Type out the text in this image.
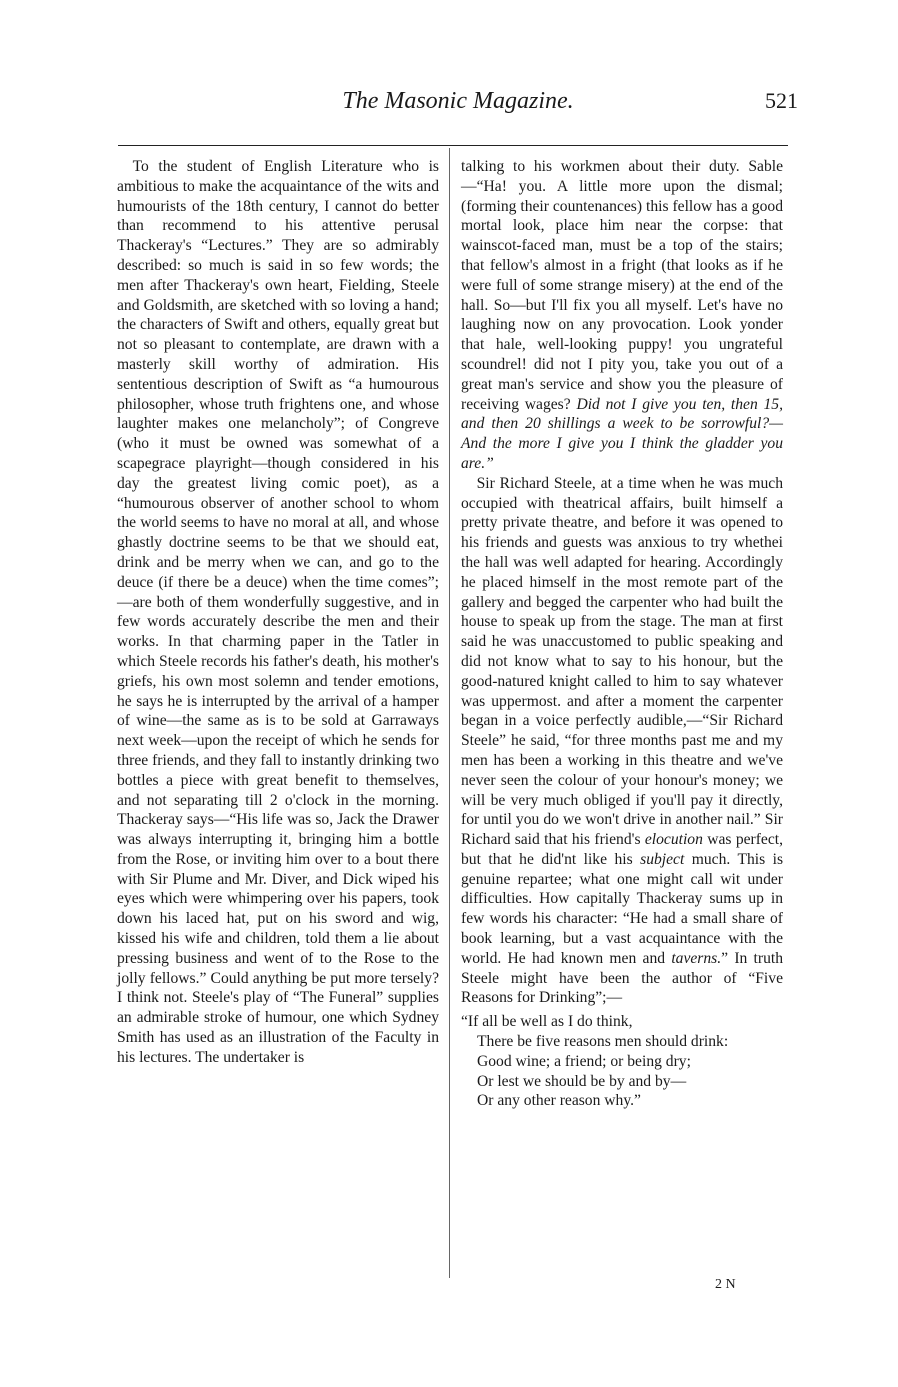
The Masonic Magazine.	521

To the student of English Literature who is ambitious to make the acquaintance of the wits and humourists of the 18th century, I cannot do better than recommend to his attentive perusal Thackeray's “Lectures.” They are so admirably described: so much is said in so few words; the men after Thackeray's own heart, Fielding, Steele and Goldsmith, are sketched with so loving a hand; the characters of Swift and others, equally great but not so pleasant to contemplate, are drawn with a masterly skill worthy of admiration. His sententious description of Swift as “a humourous philosopher, whose truth frightens one, and whose laughter makes one melancholy”; of Congreve (who it must be owned was somewhat of a scapegrace playright—though considered in his day the greatest living comic poet), as a “humourous observer of another school to whom the world seems to have no moral at all, and whose ghastly doctrine seems to be that we should eat, drink and be merry when we can, and go to the deuce (if there be a deuce) when the time comes”;—are both of them wonderfully suggestive, and in few words accurately describe the men and their works. In that charming paper in the Tatler in which Steele records his father's death, his mother's griefs, his own most solemn and tender emotions, he says he is interrupted by the arrival of a hamper of wine—the same as is to be sold at Garraways next week—upon the receipt of which he sends for three friends, and they fall to instantly drinking two bottles a piece with great benefit to themselves, and not separating till 2 o'clock in the morning. Thackeray says—“His life was so, Jack the Drawer was always interrupting it, bringing him a bottle from the Rose, or inviting him over to a bout there with Sir Plume and Mr. Diver, and Dick wiped his eyes which were whimpering over his papers, took down his laced hat, put on his sword and wig, kissed his wife and children, told them a lie about pressing business and went of to the Rose to the jolly fellows.” Could anything be put more tersely? I think not. Steele's play of “The Funeral” supplies an admirable stroke of humour, one which Sydney Smith has used as an illustration of the Faculty in his lectures. The undertaker is

talking to his workmen about their duty. Sable—“Ha! you. A little more upon the dismal; (forming their countenances) this fellow has a good mortal look, place him near the corpse: that wainscot-faced man, must be a top of the stairs; that fellow's almost in a fright (that looks as if he were full of some strange misery) at the end of the hall. So—but I'll fix you all myself. Let's have no laughing now on any provocation. Look yonder that hale, well-looking puppy! you ungrateful scoundrel! did not I pity you, take you out of a great man's service and show you the pleasure of receiving wages? Did not I give you ten, then 15, and then 20 shillings a week to be sorrowful?—And the more I give you I think the gladder you are.”

Sir Richard Steele, at a time when he was much occupied with theatrical affairs, built himself a pretty private theatre, and before it was opened to his friends and guests was anxious to try whethei the hall was well adapted for hearing. Accordingly he placed himself in the most remote part of the gallery and begged the carpenter who had built the house to speak up from the stage. The man at first said he was unaccustomed to public speaking and did not know what to say to his honour, but the good-natured knight called to him to say whatever was uppermost. and after a moment the carpenter began in a voice perfectly audible,—“Sir Richard Steele” he said, “for three months past me and my men has been a working in this theatre and we've never seen the colour of your honour's money; we will be very much obliged if you'll pay it directly, for until you do we won't drive in another nail.” Sir Richard said that his friend's elocution was perfect, but that he did'nt like his subject much. This is genuine repartee; what one might call wit under difficulties. How capitally Thackeray sums up in few words his character: “He had a small share of book learning, but a vast acquaintance with the world. He had known men and taverns.” In truth Steele might have been the author of “Five Reasons for Drinking”;—

“If all be well as I do think,
There be five reasons men should drink:
Good wine; a friend; or being dry;
Or lest we should be by and by—
Or any other reason why.”
2 N
